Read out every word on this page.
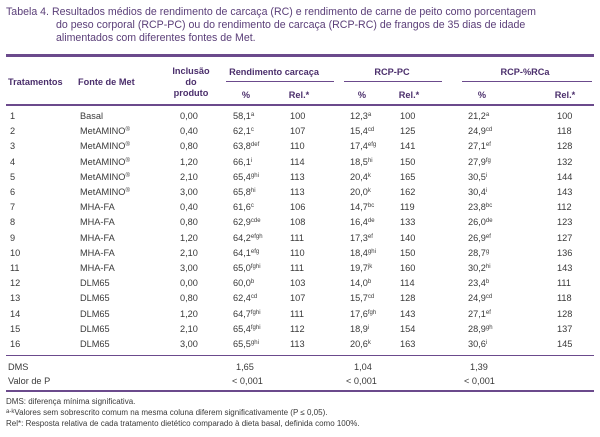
Tabela 4. Resultados médios de rendimento de carcaça (RC) e rendimento de carne de peito como porcentagem
do peso corporal (RCP-PC) ou do rendimento de carcaça (RCP-RC) de frangos de 35 dias de idade
alimentados com diferentes fontes de Met.
Tratamentos	Fonte de Met
Inclusão
do
produto
Rendimento carcaça	RCP-PC	RCP-%RCa
%	Rel.*	%	Rel.*	%	Rel.*
1	Basal	0,00	58,1$^a$	100	12,3$^a$	100	21,2$^a$	100
2	MetAMINO®	0,40	62,1$^c$	107	15,4$^{cd}$	125	24,9$^{cd}$	118
3	MetAMINO®	0,80	63,8$^{def}$	110	17,4$^{efg}$	141	27,1$^{ef}$	128
4	MetAMINO®	1,20	66,1$^i$	114	$18,5^{hi}$	150	27,9$^{fg}$	132
5	MetAMINO®	2,10	$65,4^{ghi}$	113	20,4$^k$	165	30,5$^i$	144
6	MetAMINO®	3,00	$65,8^{hi}$	113	20,0$^k$	162	30,4$^i$	143
7	MHA-FA	0,40	61,6$^c$	106	14,7$^{bc}$	119	23,8$^{bc}$	112
8	MHA-FA	0,80	62,9$^{cde}$	108	16,4de	133	26,0de	123
9	MHA-FA	1,20	$64,2^{efgh}$	111	17,3$^{ef}$	140	26,9$^{ef}$	127
10	MHA-FA	2,10	64,1$^{efg}$	110	$18,4^{ghi}$	150	28,7$^g$	136
11	MHA-FA	3,00	$65,0^{fghi}$	111	$19,7^{jk}$	160	$30,2^{hi}$	143
12	DLM65	0,00	60,0$^b$	103	14,0$^b$	114	23,4$^b$	111
13	DLM65	0,80	62,4$^{cd}$	107	15,7$^{cd}$	128	24,9$^{cd}$	118
14	DLM65	1,20	$64,7^{fghi}$	111	17,6$^{fgh}$	143	27,1$^{ef}$	128
15	DLM65	2,10	$65,4^{fghi}$	112	18,9$^i$	154	28,9$^{gh}$	137
16	DLM65	3,00	$65,5^{ghi}$	113	20,6$^k$	163	30,6$^i$	145
DMS	1,65	1,04	1,39
Valor de P	< 0,001	< 0,001	< 0,001
DMS: diferença mínima significativa.
$^{a-k}$Valores sem sobrescrito comum na mesma coluna diferem significativamente (P ≤ 0,05).
Rel*: Resposta relativa de cada tratamento dietético comparado à dieta basal, definida como 100%.
